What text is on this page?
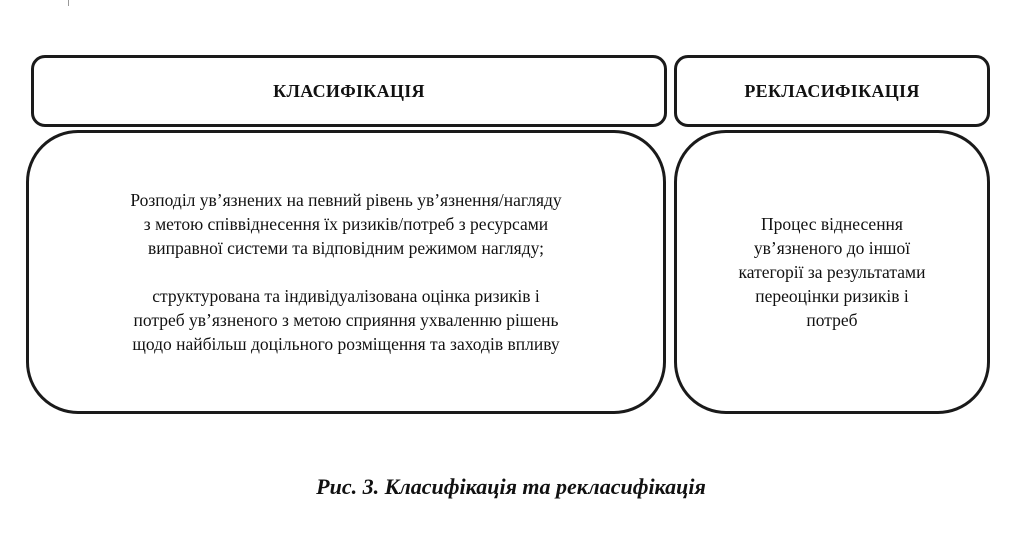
КЛАСИФІКАЦІЯ	РЕКЛАСИФІКАЦІЯ

Розподіл ув’язнених на певний рівень ув’язнення/нагляду
з метою співвіднесення їх ризиків/потреб з ресурсами
виправної системи та відповідним режимом нагляду;

структурована та індивідуалізована оцінка ризиків і
потреб ув’язненого з метою сприяння ухваленню рішень
щодо найбільш доцільного розміщення та заходів впливу

Процес віднесення
ув’язненого до іншої
категорії за результатами
переоцінки ризиків і
потреб

Рис. 3. Класифікація та рекласифікація
